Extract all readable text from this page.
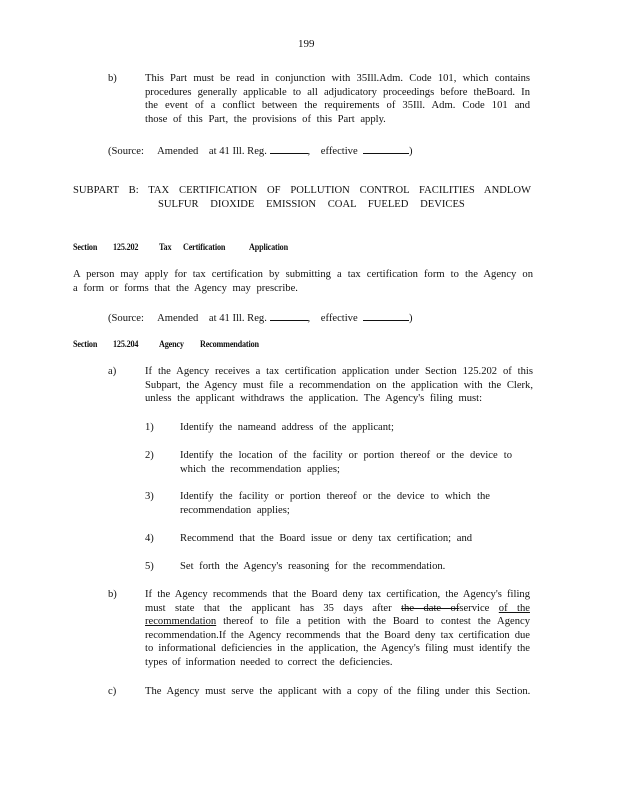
199
b)	This Part must be read in conjunction with 35Ill.Adm. Code 101, which contains procedures generally applicable to all adjudicatory proceedings before theBoard. In the event of a conflict between the requirements of 35Ill. Adm. Code 101 and those of this Part, the provisions of this Part apply.
(Source: Amended at 41 Ill. Reg.	, effective	)
SUBPART B: TAX CERTIFICATION OF POLLUTION CONTROL FACILITIES ANDLOW
SULFUR DIOXIDE EMISSION COAL FUELED DEVICES
Section 125.202 Tax Certification	Application
A person may apply for tax certification by submitting a tax certification form to the Agency on a form or forms that the Agency may prescribe.
(Source: Amended at 41 Ill. Reg.	, effective	)
Section 125.204 Agency Recommendation
a)	If the Agency receives a tax certification application under Section 125.202 of this Subpart, the Agency must file a recommendation on the application with the Clerk, unless the applicant withdraws the application. The Agency's filing must:
1) Identify the nameand address of the applicant;
2) Identify the location of the facility or portion thereof or the device to which the recommendation applies;
3) Identify the facility or portion thereof or the device to which the recommendation applies;
4) Recommend that the Board issue or deny tax certification; and
5) Set forth the Agency's reasoning for the recommendation.
b)	If the Agency recommends that the Board deny tax certification, the Agency's filing must state that the applicant has 35 days after the date ofservice of the recommendation thereof to file a petition with the Board to contest the Agency recommendation.If the Agency recommends that the Board deny tax certification due to informational deficiencies in the application, the Agency's filing must identify the types of information needed to correct the deficiencies.
c)	The Agency must serve the applicant with a copy of the filing under this Section.
